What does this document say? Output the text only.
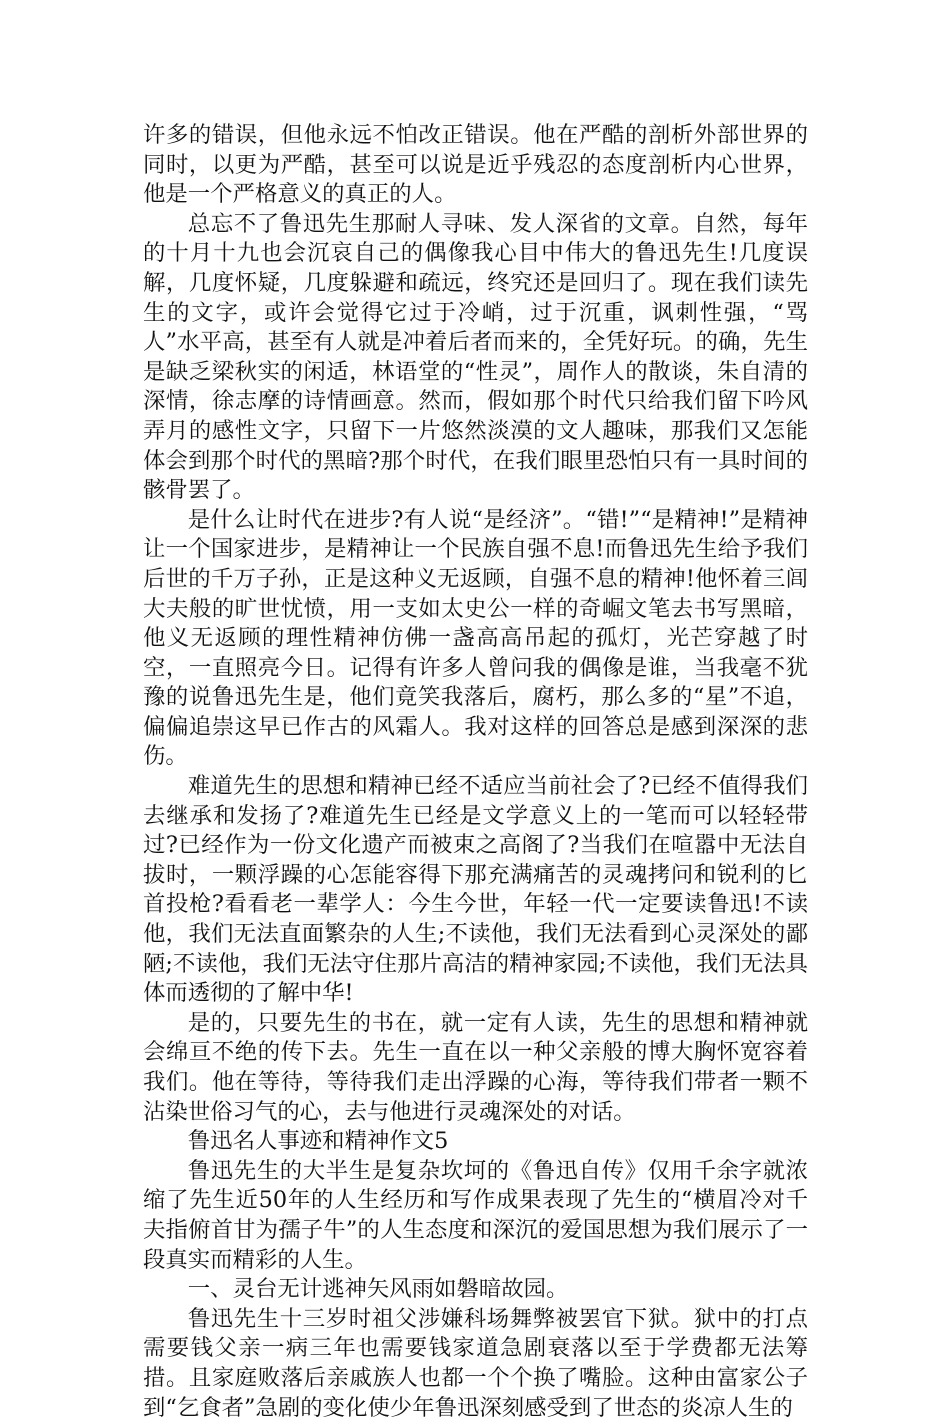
许多的错误，但他永远不怕改正错误。他在严酷的剖析外部世界的同时，以更为严酷，甚至可以说是近乎残忍的态度剖析内心世界，他是一个严格意义的真正的人。

总忘不了鲁迅先生那耐人寻味、发人深省的文章。自然，每年的十月十九也会沉哀自己的偶像我心目中伟大的鲁迅先生!几度误解，几度怀疑，几度躲避和疏远，终究还是回归了。现在我们读先生的文字，或许会觉得它过于冷峭，过于沉重，讽刺性强，“骂人”水平高，甚至有人就是冲着后者而来的，全凭好玩。的确，先生是缺乏梁秋实的闲适，林语堂的“性灵”，周作人的散谈，朱自清的深情，徐志摩的诗情画意。然而，假如那个时代只给我们留下吟风弄月的感性文字，只留下一片悠然淡漠的文人趣味，那我们又怎能体会到那个时代的黑暗?那个时代，在我们眼里恐怕只有一具时间的骸骨罢了。

是什么让时代在进步?有人说“是经济”。“错!”“是精神!”是精神让一个国家进步，是精神让一个民族自强不息!而鲁迅先生给予我们后世的千万子孙，正是这种义无返顾，自强不息的精神!他怀着三闾大夫般的旷世忧愤，用一支如太史公一样的奇崛文笔去书写黑暗，他义无返顾的理性精神仿佛一盏高高吊起的孤灯，光芒穿越了时空，一直照亮今日。记得有许多人曾问我的偶像是谁，当我毫不犹豫的说鲁迅先生是，他们竟笑我落后，腐朽，那么多的“星”不追，偏偏追崇这早已作古的风霜人。我对这样的回答总是感到深深的悲伤。

难道先生的思想和精神已经不适应当前社会了?已经不值得我们去继承和发扬了?难道先生已经是文学意义上的一笔而可以轻轻带过?已经作为一份文化遗产而被束之高阁了?当我们在喧嚣中无法自拔时，一颗浮躁的心怎能容得下那充满痛苦的灵魂拷问和锐利的匕首投枪?看看老一辈学人：今生今世，年轻一代一定要读鲁迅!不读他，我们无法直面繁杂的人生;不读他，我们无法看到心灵深处的鄙陋;不读他，我们无法守住那片高洁的精神家园;不读他，我们无法具体而透彻的了解中华!

是的，只要先生的书在，就一定有人读，先生的思想和精神就会绵亘不绝的传下去。先生一直在以一种父亲般的博大胸怀宽容着我们。他在等待，等待我们走出浮躁的心海，等待我们带者一颗不沾染世俗习气的心，去与他进行灵魂深处的对话。

鲁迅名人事迹和精神作文5

鲁迅先生的大半生是复杂坎坷的《鲁迅自传》仅用千余字就浓缩了先生近50年的人生经历和写作成果表现了先生的“横眉冷对千夫指俯首甘为孺子牛”的人生态度和深沉的爱国思想为我们展示了一段真实而精彩的人生。

一、灵台无计逃神矢风雨如磐暗故园。

鲁迅先生十三岁时祖父涉嫌科场舞弊被罢官下狱。狱中的打点需要钱父亲一病三年也需要钱家道急剧衰落以至于学费都无法筹措。且家庭败落后亲戚族人也都一个个换了嘴脸。这种由富家公子到“乞食者”急剧的变化使少年鲁迅深刻感受到了世态的炎凉人生的
